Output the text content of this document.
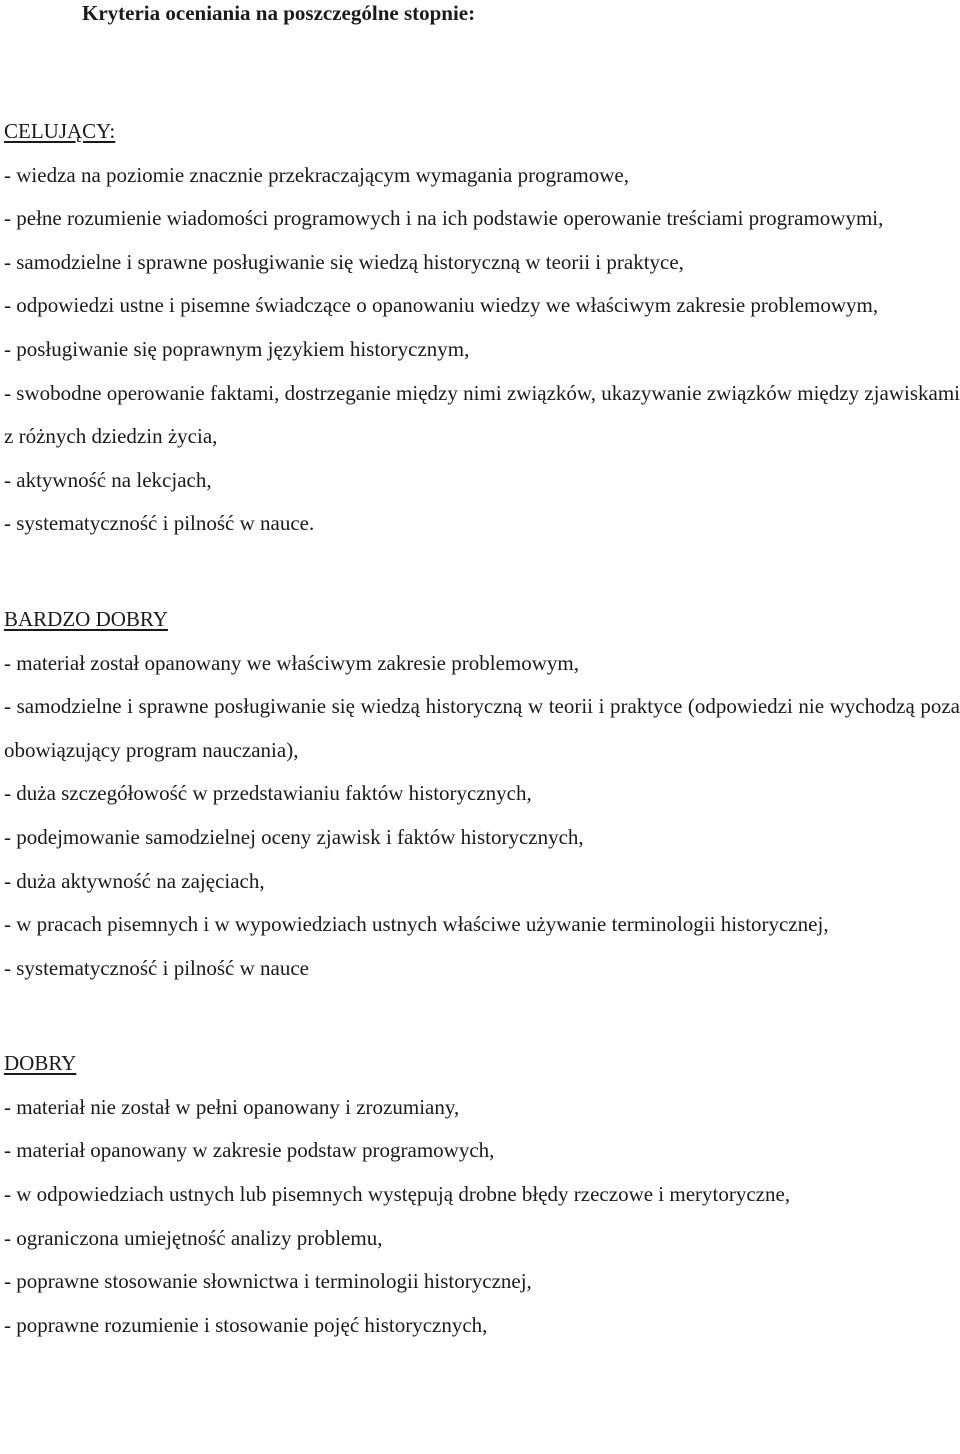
Kryteria oceniania na poszczególne stopnie:
CELUJĄCY:
- wiedza na poziomie znacznie przekraczającym wymagania programowe,
- pełne rozumienie wiadomości programowych i na ich podstawie operowanie treściami programowymi,
- samodzielne i sprawne posługiwanie się wiedzą historyczną w teorii i praktyce,
- odpowiedzi ustne i pisemne świadczące o opanowaniu wiedzy we właściwym zakresie problemowym,
- posługiwanie się poprawnym językiem historycznym,
- swobodne operowanie faktami, dostrzeganie między nimi związków, ukazywanie związków między zjawiskami z różnych dziedzin życia,
- aktywność na lekcjach,
- systematyczność i pilność w nauce.
BARDZO DOBRY
- materiał został opanowany we właściwym zakresie problemowym,
- samodzielne i sprawne posługiwanie się wiedzą historyczną w teorii i praktyce (odpowiedzi nie wychodzą poza obowiązujący program nauczania),
- duża szczegółowość w przedstawianiu faktów historycznych,
- podejmowanie samodzielnej oceny zjawisk i faktów historycznych,
- duża aktywność na zajęciach,
- w pracach pisemnych i w wypowiedziach ustnych właściwe używanie terminologii historycznej,
- systematyczność i pilność w nauce
DOBRY
- materiał nie został w pełni opanowany i zrozumiany,
- materiał opanowany w zakresie podstaw programowych,
- w odpowiedziach ustnych lub pisemnych występują drobne błędy rzeczowe i merytoryczne,
- ograniczona umiejętność analizy problemu,
- poprawne stosowanie słownictwa i terminologii historycznej,
- poprawne rozumienie i stosowanie pojęć historycznych,
